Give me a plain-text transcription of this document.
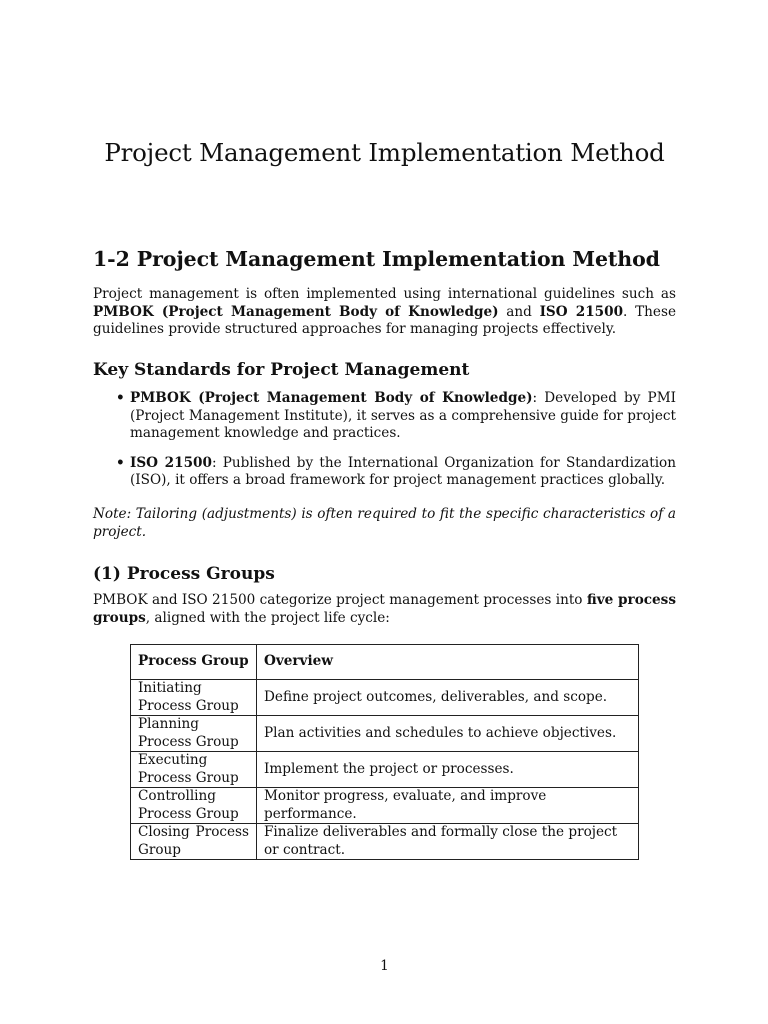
Project Management Implementation Method
1-2 Project Management Implementation Method

Project management is often implemented using international guidelines such as PMBOK (Project Management Body of Knowledge) and ISO 21500. These guidelines provide structured approaches for managing projects effectively.

Key Standards for Project Management
• PMBOK (Project Management Body of Knowledge): Developed by PMI (Project Management Institute), it serves as a comprehensive guide for project management knowledge and practices.
• ISO 21500: Published by the International Organization for Standardization (ISO), it offers a broad framework for project management practices globally.

Note: Tailoring (adjustments) is often required to fit the specific characteristics of a project.

(1) Process Groups

PMBOK and ISO 21500 categorize project management processes into five process groups, aligned with the project life cycle:

Process Group	Overview
Initiating Process Group	Define project outcomes, deliverables, and scope.
Planning Process Group	Plan activities and schedules to achieve objectives.
Executing Process Group	Implement the project or processes.
Controlling Process Group	Monitor progress, evaluate, and improve performance.
Closing Process Group	Finalize deliverables and formally close the project or contract.
1
